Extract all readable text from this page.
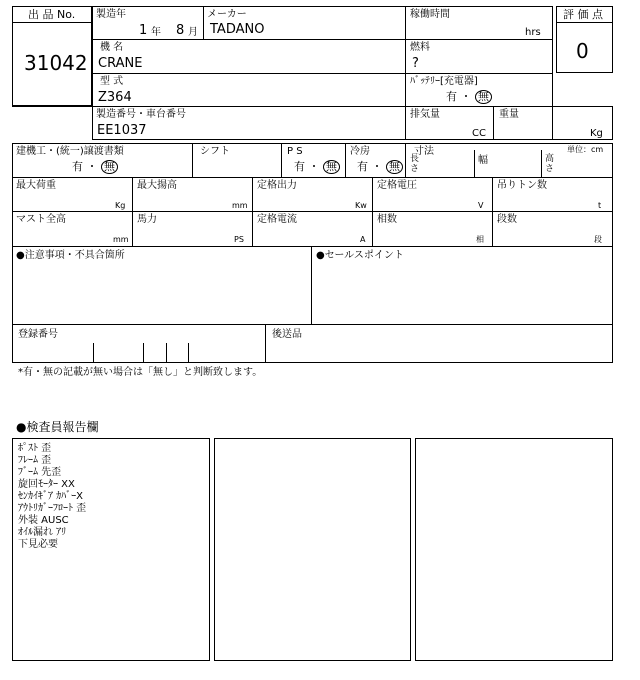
出 品 No.
31042
評 価 点
0
製造年
1 年 8 月
メーカー
TADANO
稼働時間
hrs
機 名
CRANE
燃料
?
型 式
Z364
ﾊﾞｯﾃﾘｰ[充電器]
有 ・ 無
製造番号・車台番号
EE1037
排気量
CC
重量
Kg
建機工・(統一)譲渡書類
有 ・ 無
シフト	P S
有 ・ 無
冷房
有 ・ 無
寸法	単位：cm
長
さ
幅	高
さ
最大荷重
Kg
最大揚高
mm
定格出力
Kw
定格電圧
V
吊りトン数
t
マスト全高
mm
馬力
PS
定格電流
A
相数
相
段数
段
●注意事項・不具合箇所	●セールスポイント
登録番号	後送品
*有・無の記載が無い場合は「無し」と判断致します。
●検査員報告欄
ﾎﾟｽﾄ 歪
ﾌﾚｰﾑ 歪
ﾌﾞｰﾑ 先歪
旋回ﾓｰﾀｰ XX
ｾﾝｶｲｷﾞｱ ｶﾊﾞｰX
ｱｳﾄﾘｶﾞｰﾌﾛｰﾄ 歪
外装 AUSC
ｵｲﾙ漏れ ｱﾘ
下見必要
